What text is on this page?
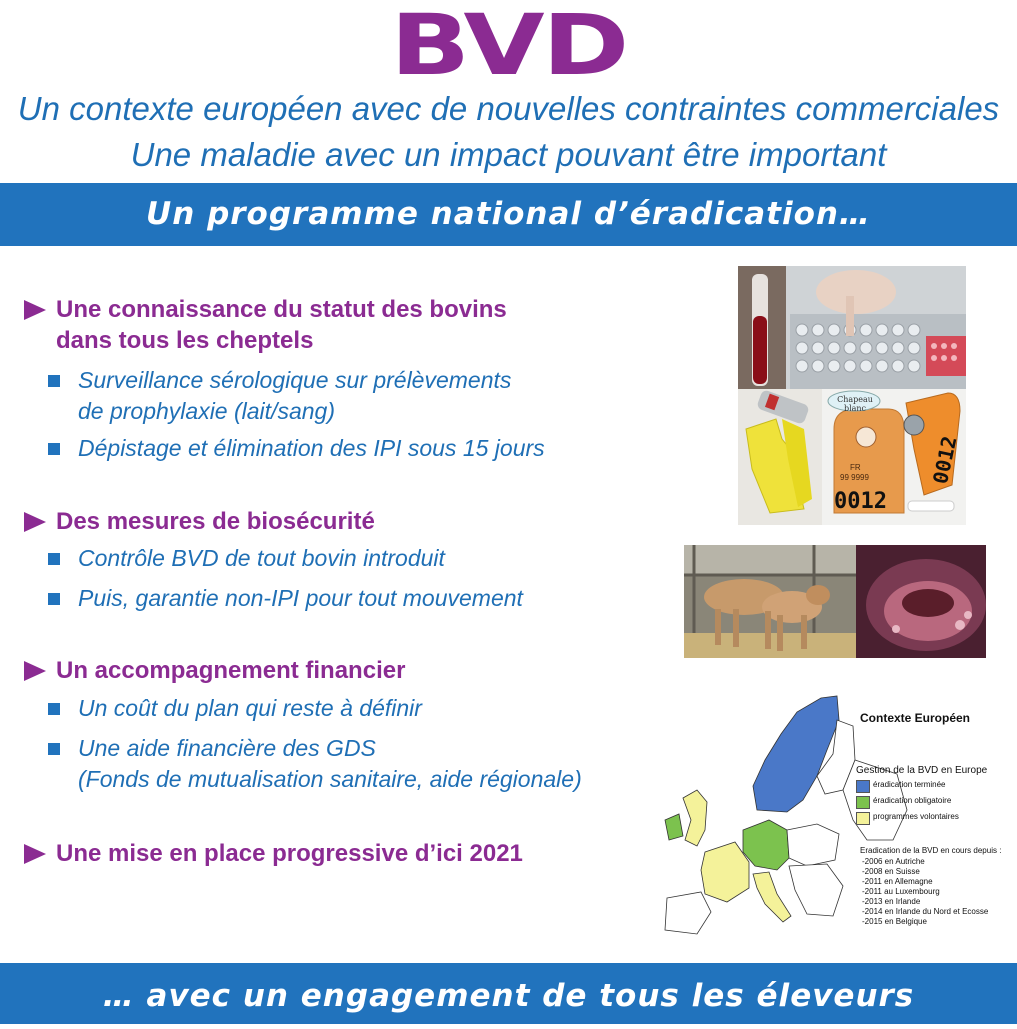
BVD
Un contexte européen avec de nouvelles contraintes commerciales
Une maladie avec un impact pouvant être important
Un programme national d’éradication…
Une connaissance du statut des bovins
dans tous les cheptels
Surveillance sérologique sur prélèvements
de prophylaxie (lait/sang)
Dépistage et élimination des IPI sous 15 jours
Des mesures de biosécurité
Contrôle BVD de tout bovin introduit
Puis, garantie non-IPI pour tout mouvement
Un accompagnement financier
Un coût du plan qui reste à définir
Une aide financière des GDS
(Fonds de mutualisation sanitaire, aide régionale)
Une mise en place progressive d’ici 2021
Chapeau
blanc
FR
99 9999
0012
0012
Contexte Européen
Gestion de la BVD en Europe
éradication terminée
éradication obligatoire
programmes volontaires
Eradication de la BVD en cours depuis :
-2006 en Autriche
-2008 en Suisse
-2011 en Allemagne
-2011 au Luxembourg
-2013 en Irlande
-2014 en Irlande du Nord et Ecosse
-2015 en Belgique
… avec un engagement de tous les éleveurs
